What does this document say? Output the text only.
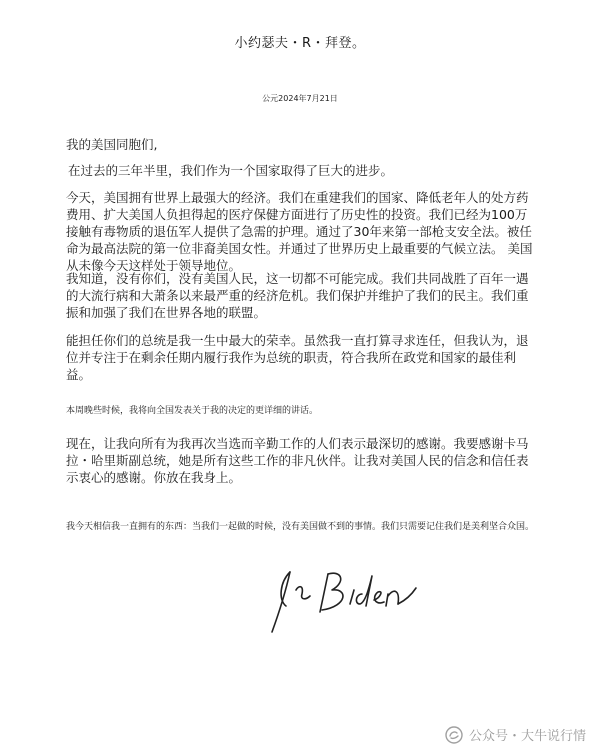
小约瑟夫・R・拜登。
公元2024年7月21日

我的美国同胞们,

在过去的三年半里，我们作为一个国家取得了巨大的进步。

今天，美国拥有世界上最强大的经济。我们在重建我们的国家、降低老年人的处方药费用、扩大美国人负担得起的医疗保健方面进行了历史性的投资。我们已经为100万接触有毒物质的退伍军人提供了急需的护理。通过了30年来第一部枪支安全法。被任命为最高法院的第一位非裔美国女性。并通过了世界历史上最重要的气候立法。 美国从未像今天这样处于领导地位。

我知道，没有你们，没有美国人民，这一切都不可能完成。我们共同战胜了百年一遇的大流行病和大萧条以来最严重的经济危机。我们保护并维护了我们的民主。我们重振和加强了我们在世界各地的联盟。

能担任你们的总统是我一生中最大的荣幸。虽然我一直打算寻求连任，但我认为，退位并专注于在剩余任期内履行我作为总统的职责，符合我所在政党和国家的最佳利益。

本周晚些时候，我将向全国发表关于我的决定的更详细的讲话。

现在，让我向所有为我再次当选而辛勤工作的人们表示最深切的感谢。我要感谢卡马拉・哈里斯副总统，她是所有这些工作的非凡伙伴。让我对美国人民的信念和信任表示衷心的感谢。你放在我身上。

我今天相信我一直拥有的东西：当我们一起做的时候，没有美国做不到的事情。我们只需要记住我们是美利坚合众国。

公众号・大牛说行情
